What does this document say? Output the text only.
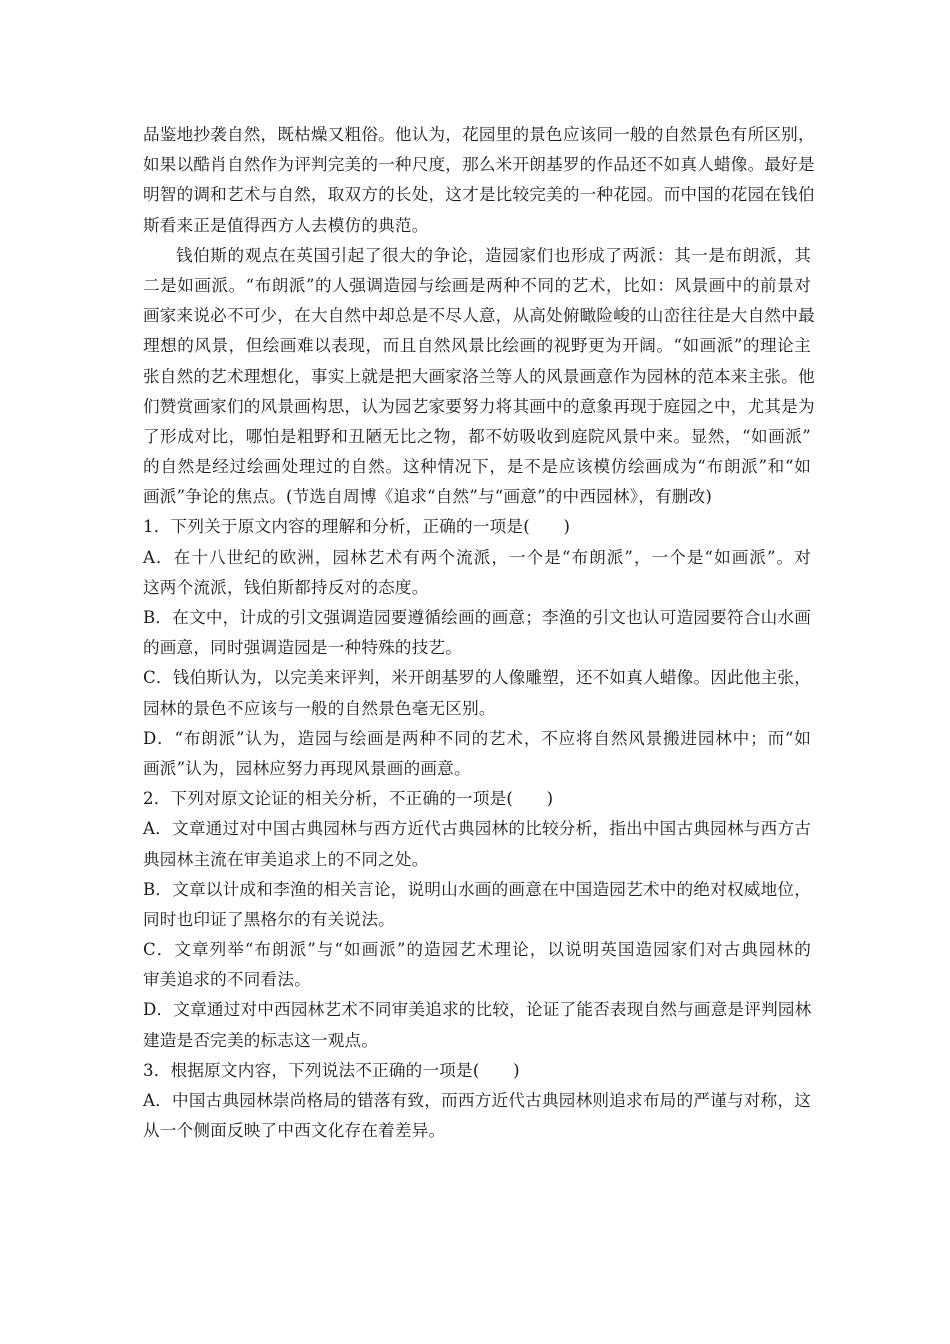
品鉴地抄袭自然，既枯燥又粗俗。他认为，花园里的景色应该同一般的自然景色有所区别，
如果以酷肖自然作为评判完美的一种尺度，那么米开朗基罗的作品还不如真人蜡像。最好是
明智的调和艺术与自然，取双方的长处，这才是比较完美的一种花园。而中国的花园在钱伯
斯看来正是值得西方人去模仿的典范。
钱伯斯的观点在英国引起了很大的争论，造园家们也形成了两派：其一是布朗派，其
二是如画派。“布朗派”的人强调造园与绘画是两种不同的艺术，比如：风景画中的前景对
画家来说必不可少，在大自然中却总是不尽人意，从高处俯瞰险峻的山峦往往是大自然中最
理想的风景，但绘画难以表现，而且自然风景比绘画的视野更为开阔。“如画派”的理论主
张自然的艺术理想化，事实上就是把大画家洛兰等人的风景画意作为园林的范本来主张。他
们赞赏画家们的风景画构思，认为园艺家要努力将其画中的意象再现于庭园之中，尤其是为
了形成对比，哪怕是粗野和丑陋无比之物，都不妨吸收到庭院风景中来。显然，“如画派”
的自然是经过绘画处理过的自然。这种情况下，是不是应该模仿绘画成为“布朗派”和“如
画派”争论的焦点。(节选自周博《追求“自然”与“画意”的中西园林》，有删改)
1．下列关于原文内容的理解和分析，正确的一项是(　　)
A．在十八世纪的欧洲，园林艺术有两个流派，一个是“布朗派”，一个是“如画派”。对
这两个流派，钱伯斯都持反对的态度。
B．在文中，计成的引文强调造园要遵循绘画的画意；李渔的引文也认可造园要符合山水画
的画意，同时强调造园是一种特殊的技艺。
C．钱伯斯认为，以完美来评判，米开朗基罗的人像雕塑，还不如真人蜡像。因此他主张，
园林的景色不应该与一般的自然景色毫无区别。
D．“布朗派”认为，造园与绘画是两种不同的艺术，不应将自然风景搬进园林中；而“如
画派”认为，园林应努力再现风景画的画意。
2．下列对原文论证的相关分析，不正确的一项是(　　)
A．文章通过对中国古典园林与西方近代古典园林的比较分析，指出中国古典园林与西方古
典园林主流在审美追求上的不同之处。
B．文章以计成和李渔的相关言论，说明山水画的画意在中国造园艺术中的绝对权威地位，
同时也印证了黑格尔的有关说法。
C．文章列举“布朗派”与“如画派”的造园艺术理论，以说明英国造园家们对古典园林的
审美追求的不同看法。
D．文章通过对中西园林艺术不同审美追求的比较，论证了能否表现自然与画意是评判园林
建造是否完美的标志这一观点。
3．根据原文内容，下列说法不正确的一项是(　　)
A．中国古典园林崇尚格局的错落有致，而西方近代古典园林则追求布局的严谨与对称，这
从一个侧面反映了中西文化存在着差异。
